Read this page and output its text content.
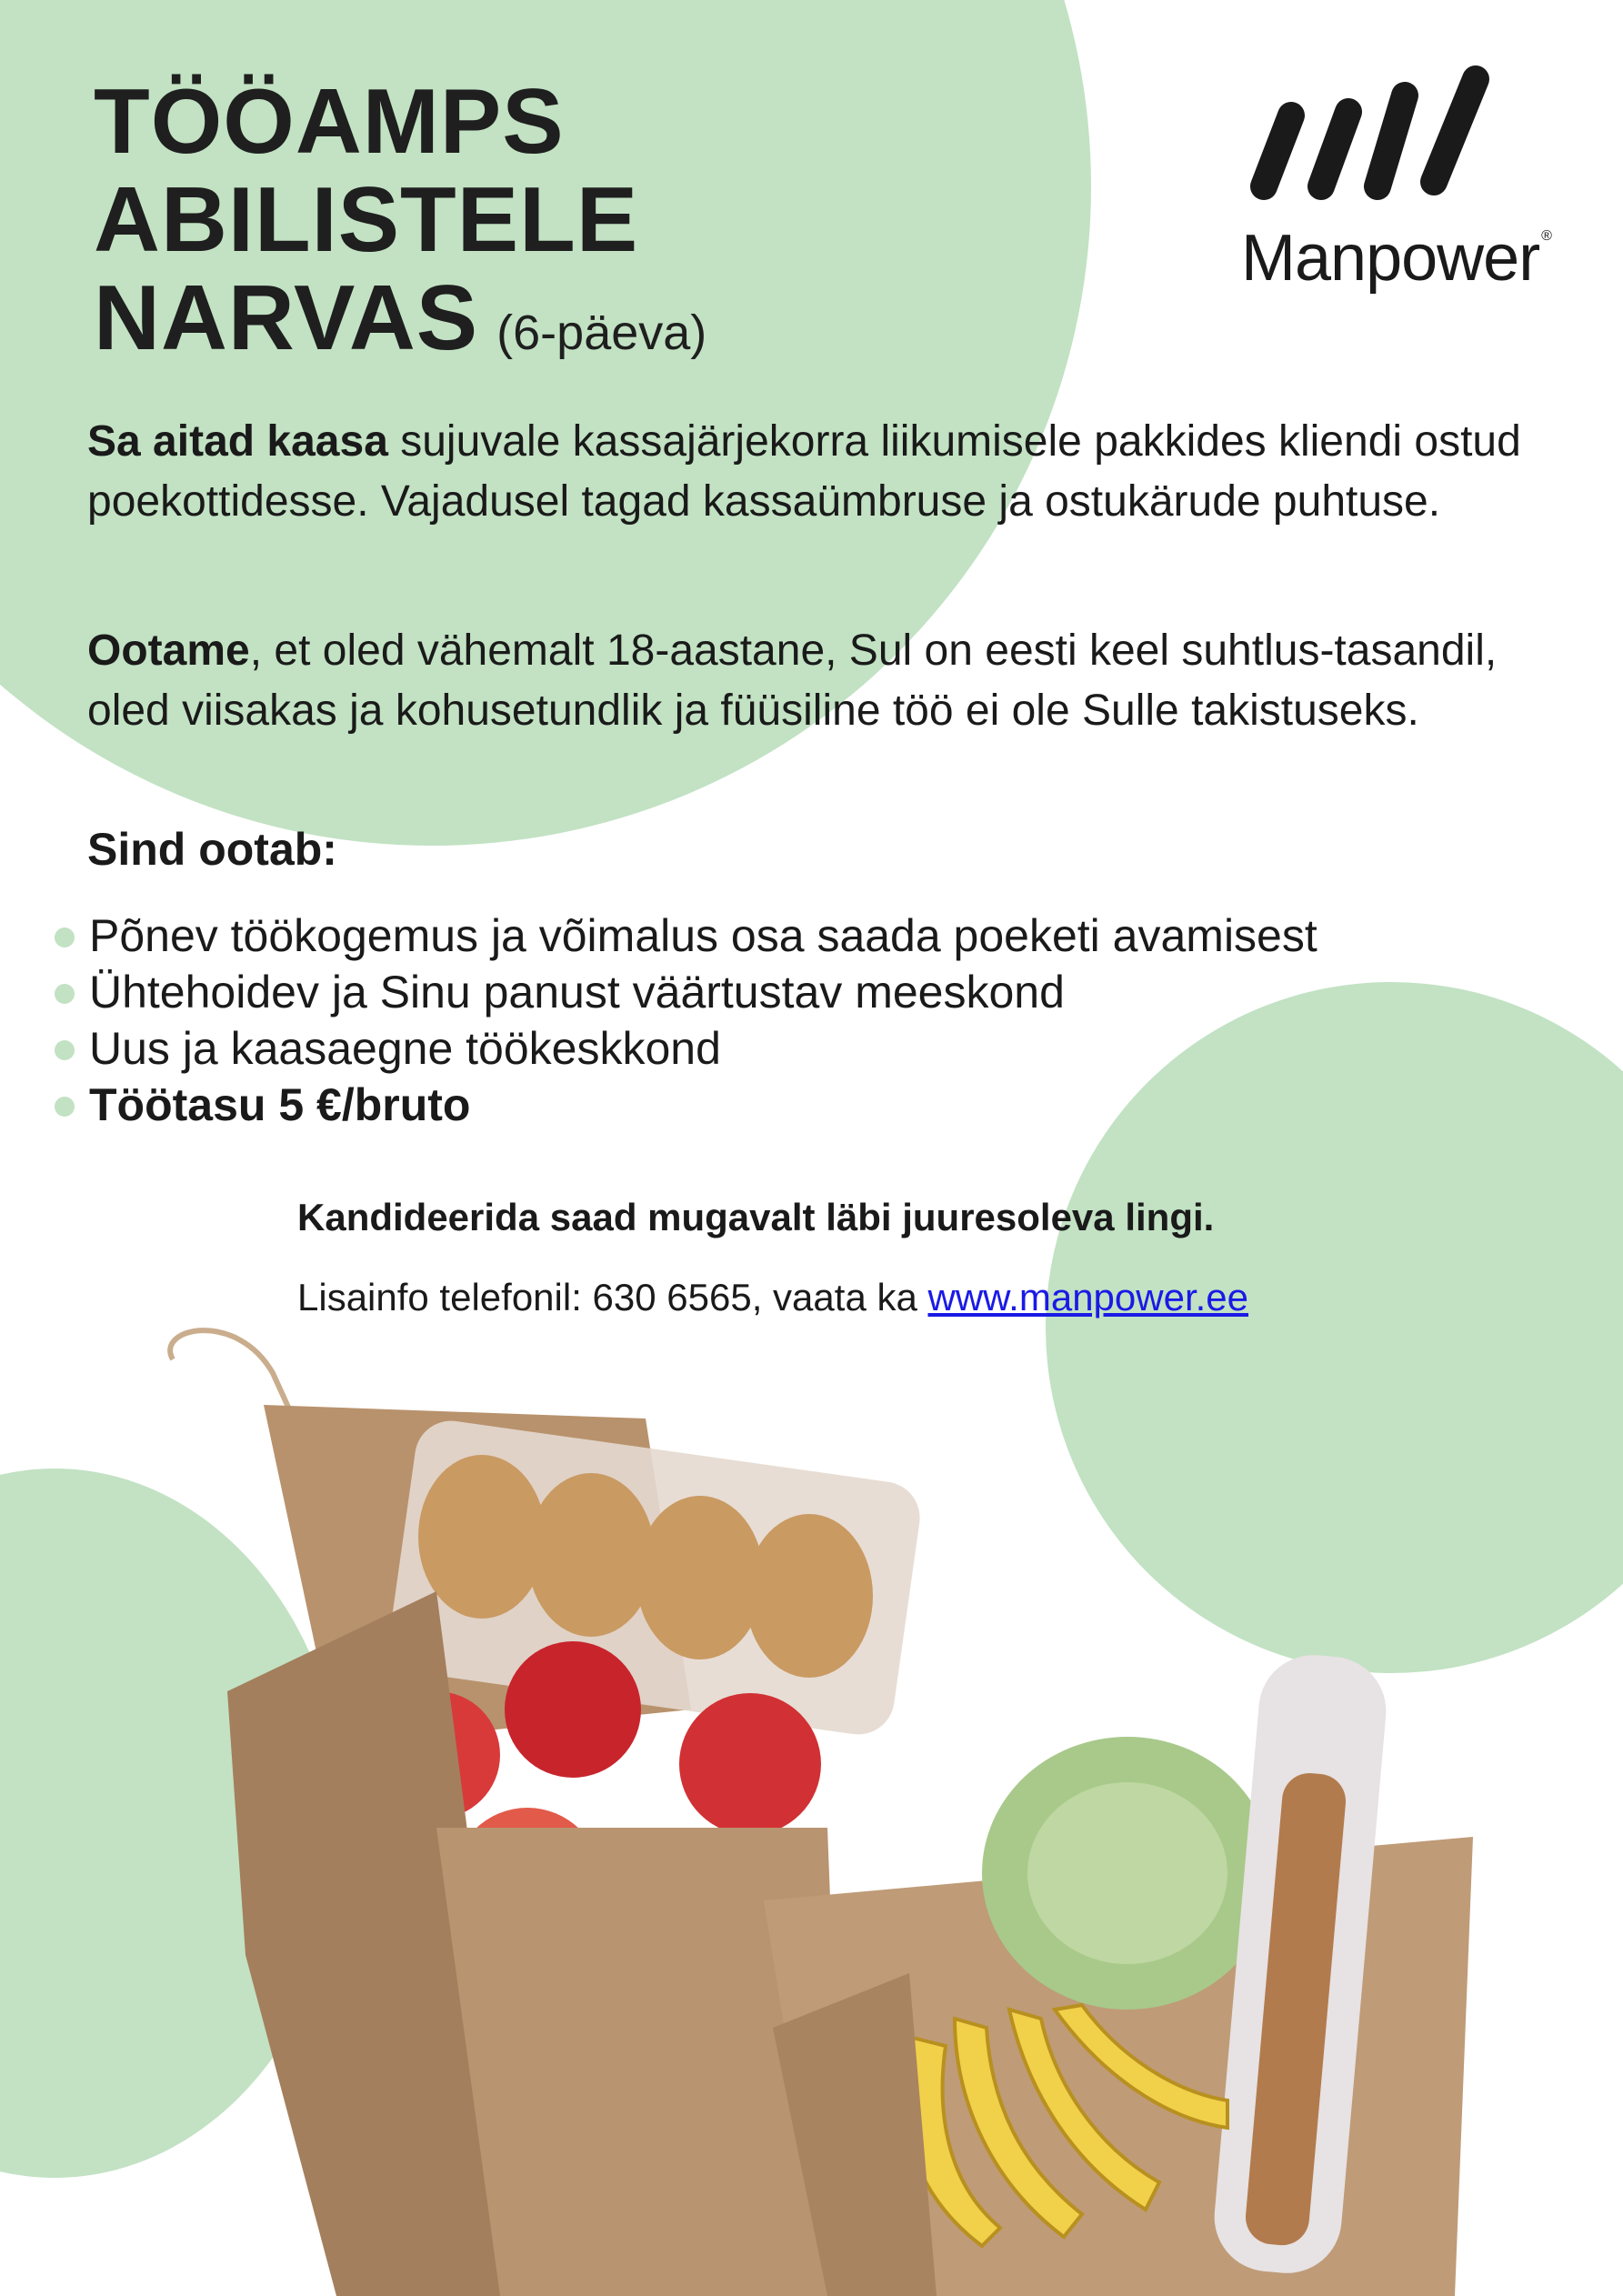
TÖÖAMPS
ABILISTELE
NARVAS (6-päeva)
Manpower ®
Sa aitad kaasa sujuvale kassajärjekorra liikumisele pakkides kliendi ostud poekottidesse. Vajadusel tagad kassaümbruse ja ostukärude puhtuse.
Ootame, et oled vähemalt 18-aastane, Sul on eesti keel suhtlus-tasandil, oled viisakas ja kohusetundlik ja füüsiline töö ei ole Sulle takistuseks.
Sind ootab:
Põnev töökogemus ja võimalus osa saada poeketi avamisest
Ühtehoidev ja Sinu panust väärtustav meeskond
Uus ja kaasaegne töökeskkond
Töötasu 5 €/bruto
Kandideerida saad mugavalt läbi juuresoleva lingi.
Lisainfo telefonil: 630 6565, vaata ka www.manpower.ee
